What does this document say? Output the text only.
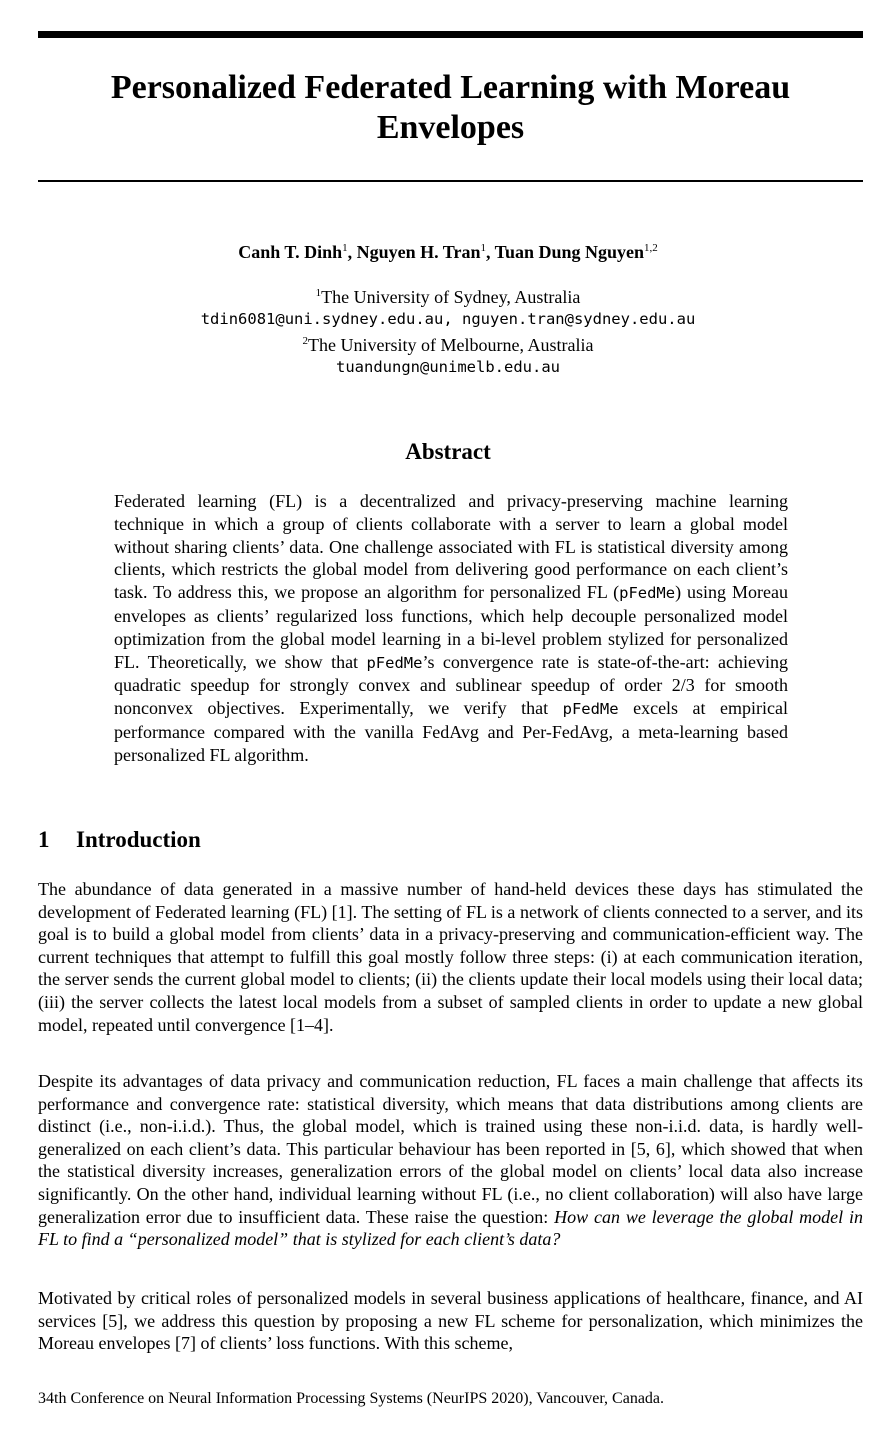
Personalized Federated Learning with Moreau Envelopes
Canh T. Dinh$^1$, Nguyen H. Tran$^1$, Tuan Dung Nguyen$^{1,2}$
$^1$The University of Sydney, Australia
tdin6081@uni.sydney.edu.au, nguyen.tran@sydney.edu.au
$^2$The University of Melbourne, Australia
tuandungn@unimelb.edu.au
Abstract
Federated learning (FL) is a decentralized and privacy-preserving machine learning technique in which a group of clients collaborate with a server to learn a global model without sharing clients’ data. One challenge associated with FL is statistical diversity among clients, which restricts the global model from delivering good performance on each client’s task. To address this, we propose an algorithm for personalized FL (pFedMe) using Moreau envelopes as clients’ regularized loss functions, which help decouple personalized model optimization from the global model learning in a bi-level problem stylized for personalized FL. Theoretically, we show that pFedMe’s convergence rate is state-of-the-art: achieving quadratic speedup for strongly convex and sublinear speedup of order 2/3 for smooth nonconvex objectives. Experimentally, we verify that pFedMe excels at empirical performance compared with the vanilla FedAvg and Per-FedAvg, a meta-learning based personalized FL algorithm.
1 Introduction
The abundance of data generated in a massive number of hand-held devices these days has stimulated the development of Federated learning (FL) [1]. The setting of FL is a network of clients connected to a server, and its goal is to build a global model from clients’ data in a privacy-preserving and communication-efficient way. The current techniques that attempt to fulfill this goal mostly follow three steps: (i) at each communication iteration, the server sends the current global model to clients; (ii) the clients update their local models using their local data; (iii) the server collects the latest local models from a subset of sampled clients in order to update a new global model, repeated until convergence [1–4].
Despite its advantages of data privacy and communication reduction, FL faces a main challenge that affects its performance and convergence rate: statistical diversity, which means that data distributions among clients are distinct (i.e., non-i.i.d.). Thus, the global model, which is trained using these non-i.i.d. data, is hardly well-generalized on each client’s data. This particular behaviour has been reported in [5, 6], which showed that when the statistical diversity increases, generalization errors of the global model on clients’ local data also increase significantly. On the other hand, individual learning without FL (i.e., no client collaboration) will also have large generalization error due to insufficient data. These raise the question: How can we leverage the global model in FL to find a “personalized model” that is stylized for each client’s data?
Motivated by critical roles of personalized models in several business applications of healthcare, finance, and AI services [5], we address this question by proposing a new FL scheme for personalization, which minimizes the Moreau envelopes [7] of clients’ loss functions. With this scheme,
34th Conference on Neural Information Processing Systems (NeurIPS 2020), Vancouver, Canada.
